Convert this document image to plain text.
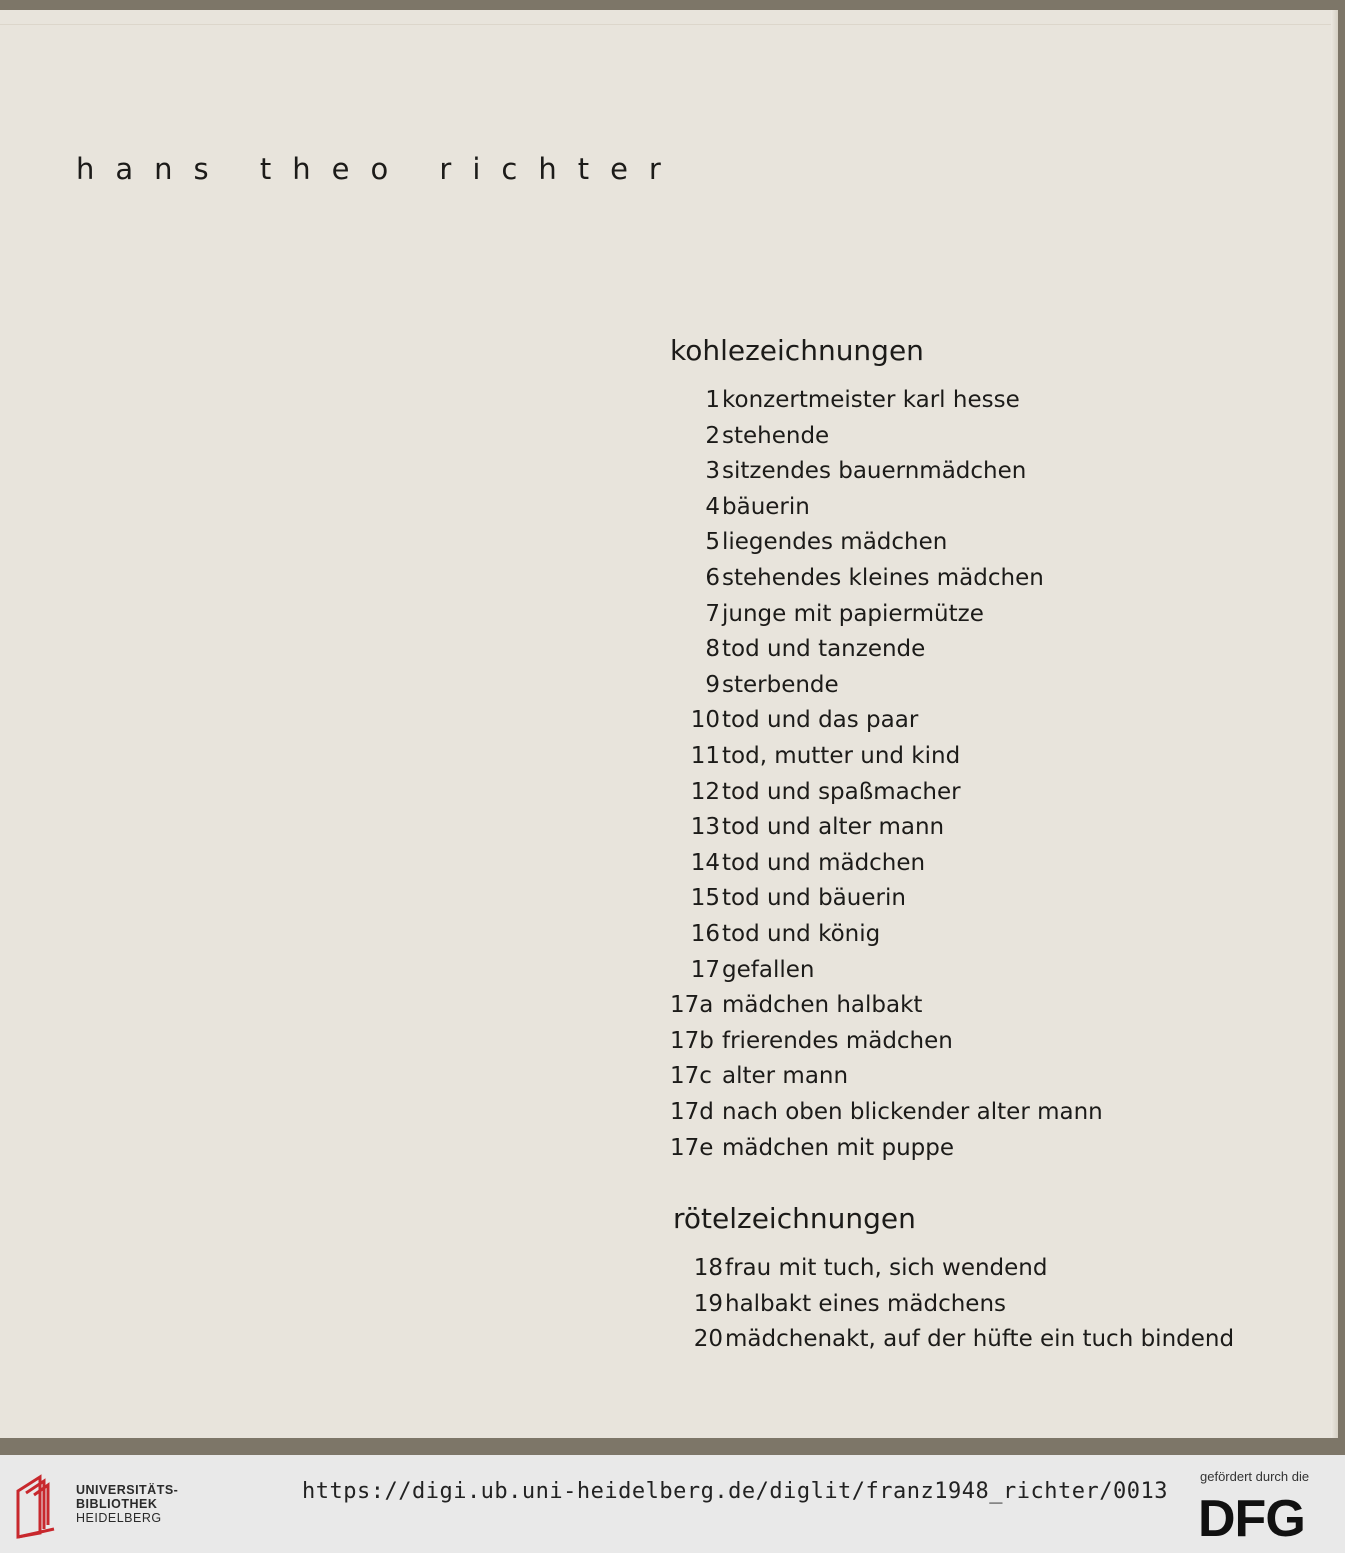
hans theo richter
kohlezeichnungen
1konzertmeister karl hesse
2stehende
3sitzendes bauernmädchen
4bäuerin
5liegendes mädchen
6stehendes kleines mädchen
7junge mit papiermütze
8tod und tanzende
9sterbende
10tod und das paar
11tod, mutter und kind
12tod und spaßmacher
13tod und alter mann
14tod und mädchen
15tod und bäuerin
16tod und könig
17gefallen
17a mädchen halbakt
17b frierendes mädchen
17c alter mann
17d nach oben blickender alter mann
17e mädchen mit puppe
rötelzeichnungen
18frau mit tuch, sich wendend
19halbakt eines mädchens
20mädchenakt, auf der hüfte ein tuch bindend
UNIVERSITÄTS-
BIBLIOTHEK
HEIDELBERG
https://digi.ub.uni-heidelberg.de/diglit/franz1948_richter/0013
gefördert durch die
DFG
